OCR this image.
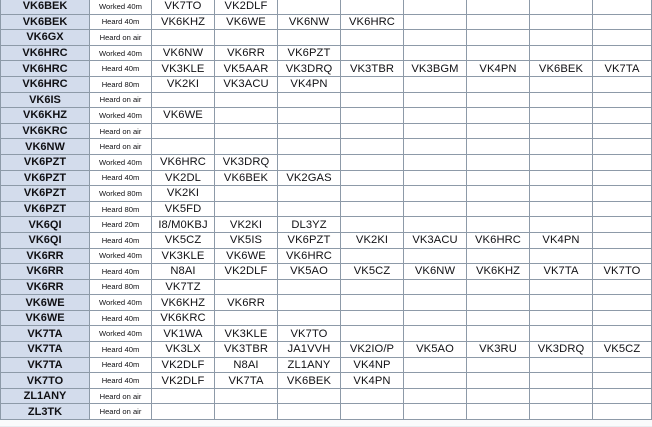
VK6BEK	Worked 40m	VK7TO	VK2DLF						
VK6BEK	Heard 40m	VK6KHZ	VK6WE	VK6NW	VK6HRC				
VK6GX	Heard on air								
VK6HRC	Worked 40m	VK6NW	VK6RR	VK6PZT					
VK6HRC	Heard 40m	VK3KLE	VK5AAR	VK3DRQ	VK3TBR	VK3BGM	VK4PN	VK6BEK	VK7TA
VK6HRC	Heard 80m	VK2KI	VK3ACU	VK4PN					
VK6IS	Heard on air								
VK6KHZ	Worked 40m	VK6WE							
VK6KRC	Heard on air								
VK6NW	Heard on air								
VK6PZT	Worked 40m	VK6HRC	VK3DRQ						
VK6PZT	Heard 40m	VK2DL	VK6BEK	VK2GAS					
VK6PZT	Worked 80m	VK2KI							
VK6PZT	Heard 80m	VK5FD							
VK6QI	Heard 20m	I8/M0KBJ	VK2KI	DL3YZ					
VK6QI	Heard 40m	VK5CZ	VK5IS	VK6PZT	VK2KI	VK3ACU	VK6HRC	VK4PN	
VK6RR	Worked 40m	VK3KLE	VK6WE	VK6HRC					
VK6RR	Heard 40m	N8AI	VK2DLF	VK5AO	VK5CZ	VK6NW	VK6KHZ	VK7TA	VK7TO
VK6RR	Heard 80m	VK7TZ							
VK6WE	Worked 40m	VK6KHZ	VK6RR						
VK6WE	Heard 40m	VK6KRC							
VK7TA	Worked 40m	VK1WA	VK3KLE	VK7TO					
VK7TA	Heard 40m	VK3LX	VK3TBR	JA1VVH	VK2IO/P	VK5AO	VK3RU	VK3DRQ	VK5CZ
VK7TA	Heard 40m	VK2DLF	N8AI	ZL1ANY	VK4NP				
VK7TO	Heard 40m	VK2DLF	VK7TA	VK6BEK	VK4PN				
ZL1ANY	Heard on air								
ZL3TK	Heard on air								
